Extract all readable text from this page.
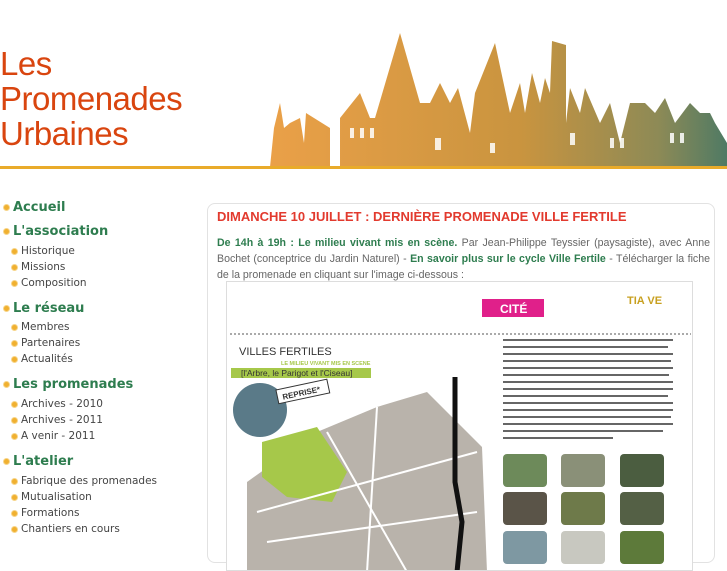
Les
Promenades
Urbaines
Accueil
L'association
Historique
Missions
Composition
Le réseau
Membres
Partenaires
Actualités
Les promenades
Archives - 2010
Archives - 2011
A venir - 2011
L'atelier
Fabrique des promenades
Mutualisation
Formations
Chantiers en cours
DIMANCHE 10 JUILLET : DERNIÈRE PROMENADE VILLE FERTILE
De 14h à 19h : Le milieu vivant mis en scène. Par Jean-Philippe Teyssier (paysagiste), avec Anne Bochet (conceptrice du Jardin Naturel) - En savoir plus sur le cycle Ville Fertile - Télécharger la fiche de la promenade en cliquant sur l'image ci-dessous :
CITÉ
TIA VE
VILLES FERTILES
LE MILIEU VIVANT MIS EN SCENE
[l'Arbre, le Parigot et l'Ciseau]
REPRISE*
